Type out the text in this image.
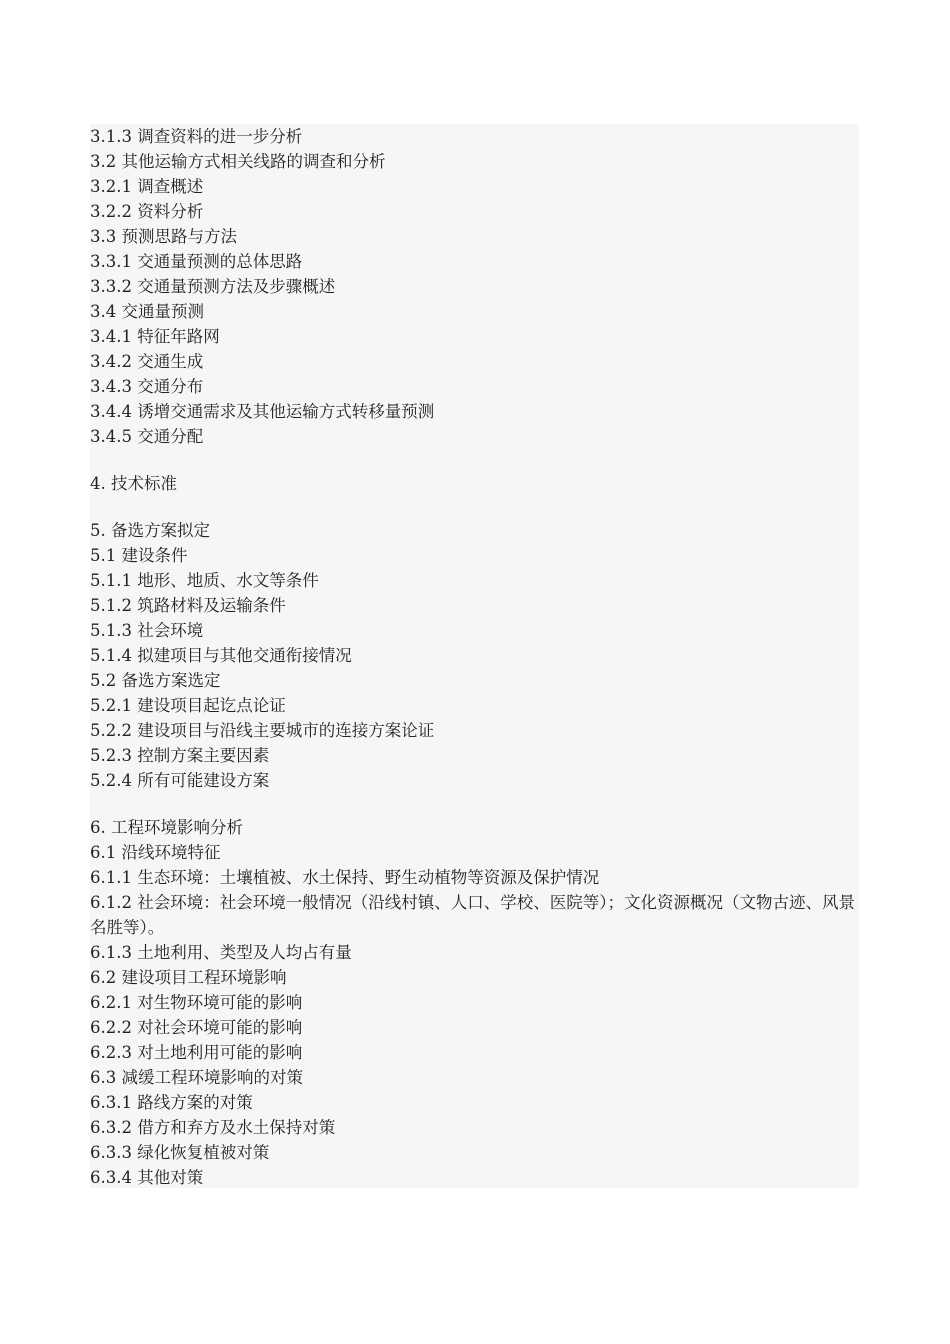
3.1.3 调查资料的进一步分析
3.2 其他运输方式相关线路的调查和分析
3.2.1 调查概述
3.2.2 资料分析
3.3 预测思路与方法
3.3.1 交通量预测的总体思路
3.3.2 交通量预测方法及步骤概述
3.4 交通量预测
3.4.1 特征年路网
3.4.2 交通生成
3.4.3 交通分布
3.4.4 诱增交通需求及其他运输方式转移量预测
3.4.5 交通分配
4. 技术标准
5. 备选方案拟定
5.1 建设条件
5.1.1 地形、地质、水文等条件
5.1.2 筑路材料及运输条件
5.1.3 社会环境
5.1.4 拟建项目与其他交通衔接情况
5.2 备选方案选定
5.2.1 建设项目起讫点论证
5.2.2 建设项目与沿线主要城市的连接方案论证
5.2.3 控制方案主要因素
5.2.4 所有可能建设方案
6. 工程环境影响分析
6.1 沿线环境特征
6.1.1 生态环境：土壤植被、水土保持、野生动植物等资源及保护情况
6.1.2 社会环境：社会环境一般情况（沿线村镇、人口、学校、医院等）；文化资源概况（文物古迹、风景名胜等）。
6.1.3 土地利用、类型及人均占有量
6.2 建设项目工程环境影响
6.2.1 对生物环境可能的影响
6.2.2 对社会环境可能的影响
6.2.3 对土地利用可能的影响
6.3 减缓工程环境影响的对策
6.3.1 路线方案的对策
6.3.2 借方和弃方及水土保持对策
6.3.3 绿化恢复植被对策
6.3.4 其他对策
